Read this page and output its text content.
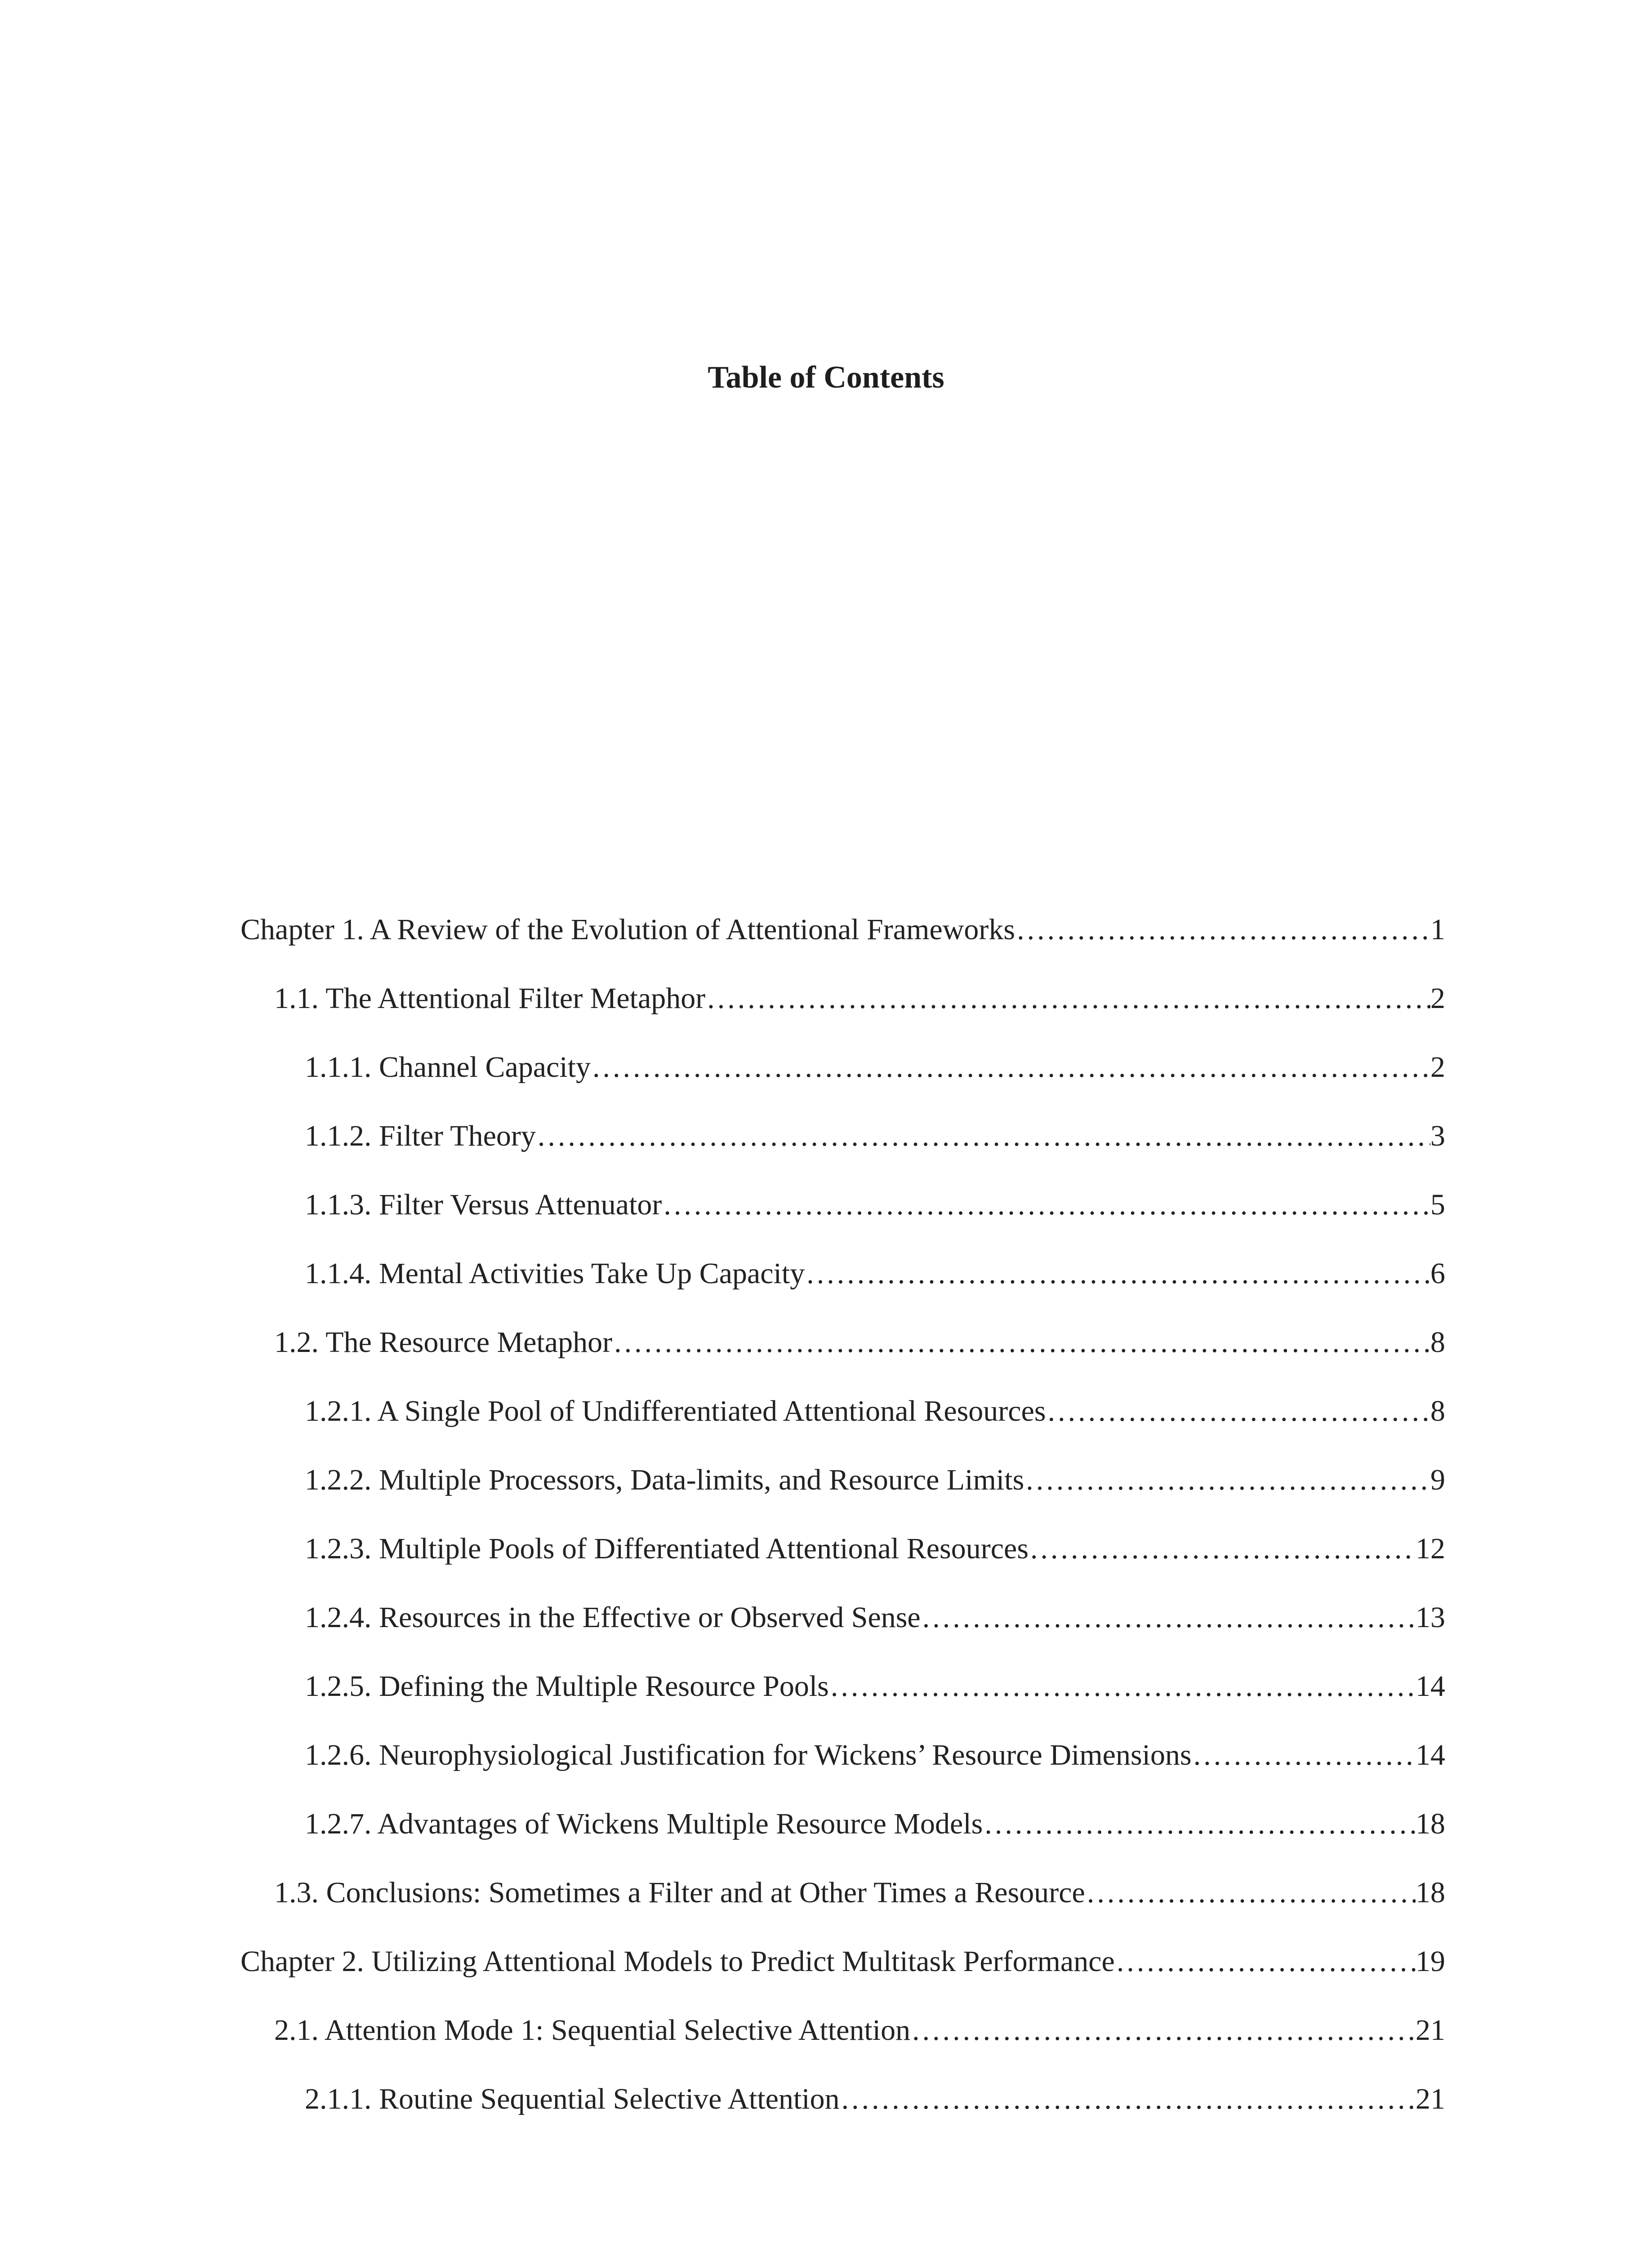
Table of Contents
Chapter 1. A Review of the Evolution of Attentional Frameworks .....	1
1.1. The Attentional Filter Metaphor .....	2
1.1.1. Channel Capacity .....	2
1.1.2. Filter Theory .....	3
1.1.3. Filter Versus Attenuator .....	5
1.1.4. Mental Activities Take Up Capacity .....	6
1.2. The Resource Metaphor .....	8
1.2.1. A Single Pool of Undifferentiated Attentional Resources .....	8
1.2.2. Multiple Processors, Data-limits, and Resource Limits .....	9
1.2.3. Multiple Pools of Differentiated Attentional Resources .....	12
1.2.4. Resources in the Effective or Observed Sense .....	13
1.2.5. Defining the Multiple Resource Pools .....	14
1.2.6. Neurophysiological Justification for Wickens’ Resource Dimensions .....	14
1.2.7. Advantages of Wickens Multiple Resource Models .....	18
1.3. Conclusions: Sometimes a Filter and at Other Times a Resource .....	18
Chapter 2. Utilizing Attentional Models to Predict Multitask Performance .....	19
2.1. Attention Mode 1: Sequential Selective Attention .....	21
2.1.1. Routine Sequential Selective Attention .....	21
